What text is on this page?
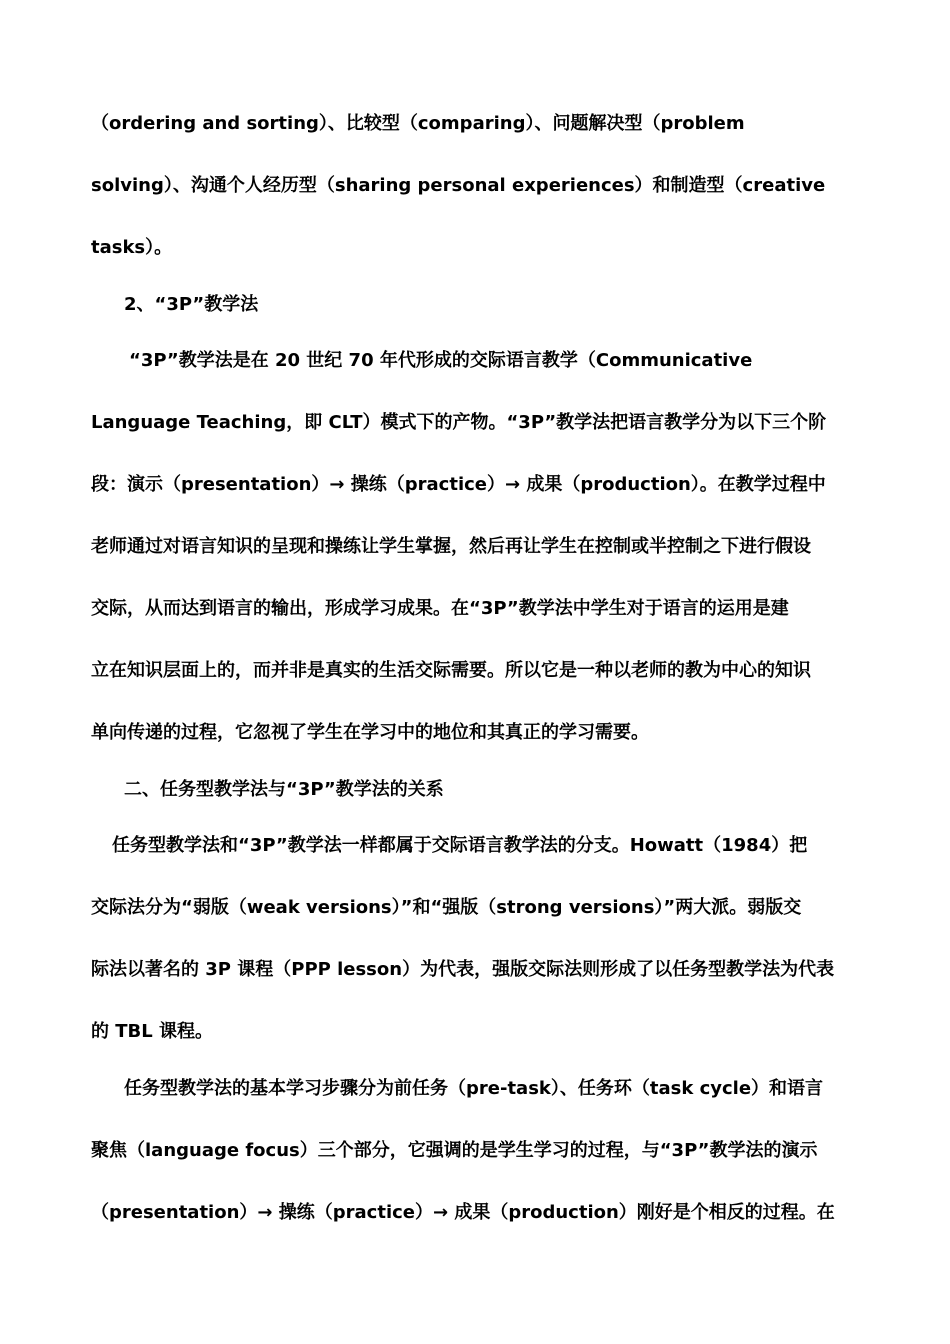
（ordering and sorting）、比较型（comparing）、问题解决型（problem
solving）、沟通个人经历型（sharing personal experiences）和制造型（creative
tasks）。
2、“3P”教学法
“3P”教学法是在 20 世纪 70 年代形成的交际语言教学（Communicative
Language Teaching，即 CLT）模式下的产物。“3P”教学法把语言教学分为以下三个阶
段：演示（presentation）→ 操练（practice）→ 成果（production）。在教学过程中
老师通过对语言知识的呈现和操练让学生掌握，然后再让学生在控制或半控制之下进行假设
交际，从而达到语言的输出，形成学习成果。在“3P”教学法中学生对于语言的运用是建
立在知识层面上的，而并非是真实的生活交际需要。所以它是一种以老师的教为中心的知识
单向传递的过程，它忽视了学生在学习中的地位和其真正的学习需要。
二、任务型教学法与“3P”教学法的关系
任务型教学法和“3P”教学法一样都属于交际语言教学法的分支。Howatt（1984）把
交际法分为“弱版（weak versions）”和“强版（strong versions）”两大派。弱版交
际法以著名的 3P 课程（PPP lesson）为代表，强版交际法则形成了以任务型教学法为代表
的 TBL 课程。
任务型教学法的基本学习步骤分为前任务（pre-task）、任务环（task cycle）和语言
聚焦（language focus）三个部分，它强调的是学生学习的过程，与“3P”教学法的演示
（presentation）→ 操练（practice）→ 成果（production）刚好是个相反的过程。在
